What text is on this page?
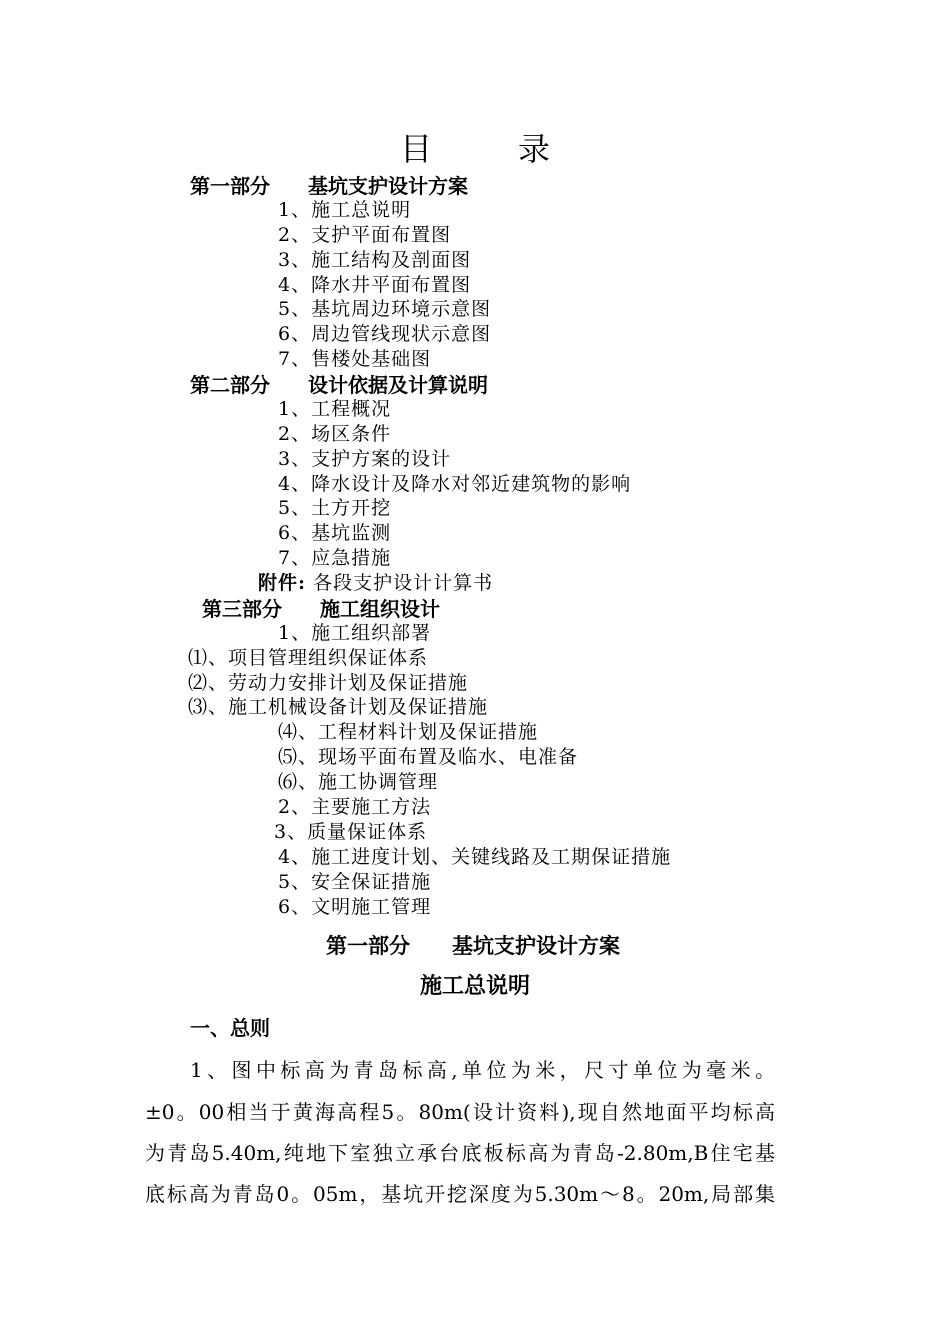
目	录
第一部分 基坑支护设计方案
1、施工总说明
2、支护平面布置图
3、施工结构及剖面图
4、降水井平面布置图
5、基坑周边环境示意图
6、周边管线现状示意图
7、售楼处基础图
第二部分 设计依据及计算说明
1、工程概况
2、场区条件
3、支护方案的设计
4、降水设计及降水对邻近建筑物的影响
5、土方开挖
6、基坑监测
7、应急措施
附件: 各段支护设计计算书
第三部分 施工组织设计
1、施工组织部署
⑴、项目管理组织保证体系
⑵、劳动力安排计划及保证措施
⑶、施工机械设备计划及保证措施
⑷、工程材料计划及保证措施
⑸、现场平面布置及临水、电准备
⑹、施工协调管理
2、主要施工方法
3、质量保证体系
4、施工进度计划、关键线路及工期保证措施
5、安全保证措施
6、文明施工管理
第一部分 基坑支护设计方案
施工总说明
一、总则
1、图中标高为青岛标高,单位为米，尺寸单位为毫米。
±0。00相当于黄海高程5。80m(设计资料),现自然地面平均标高
为青岛5.40m,纯地下室独立承台底板标高为青岛-2.80m,B住宅基
底标高为青岛0。05m，基坑开挖深度为5.30m～8。20m,局部集
